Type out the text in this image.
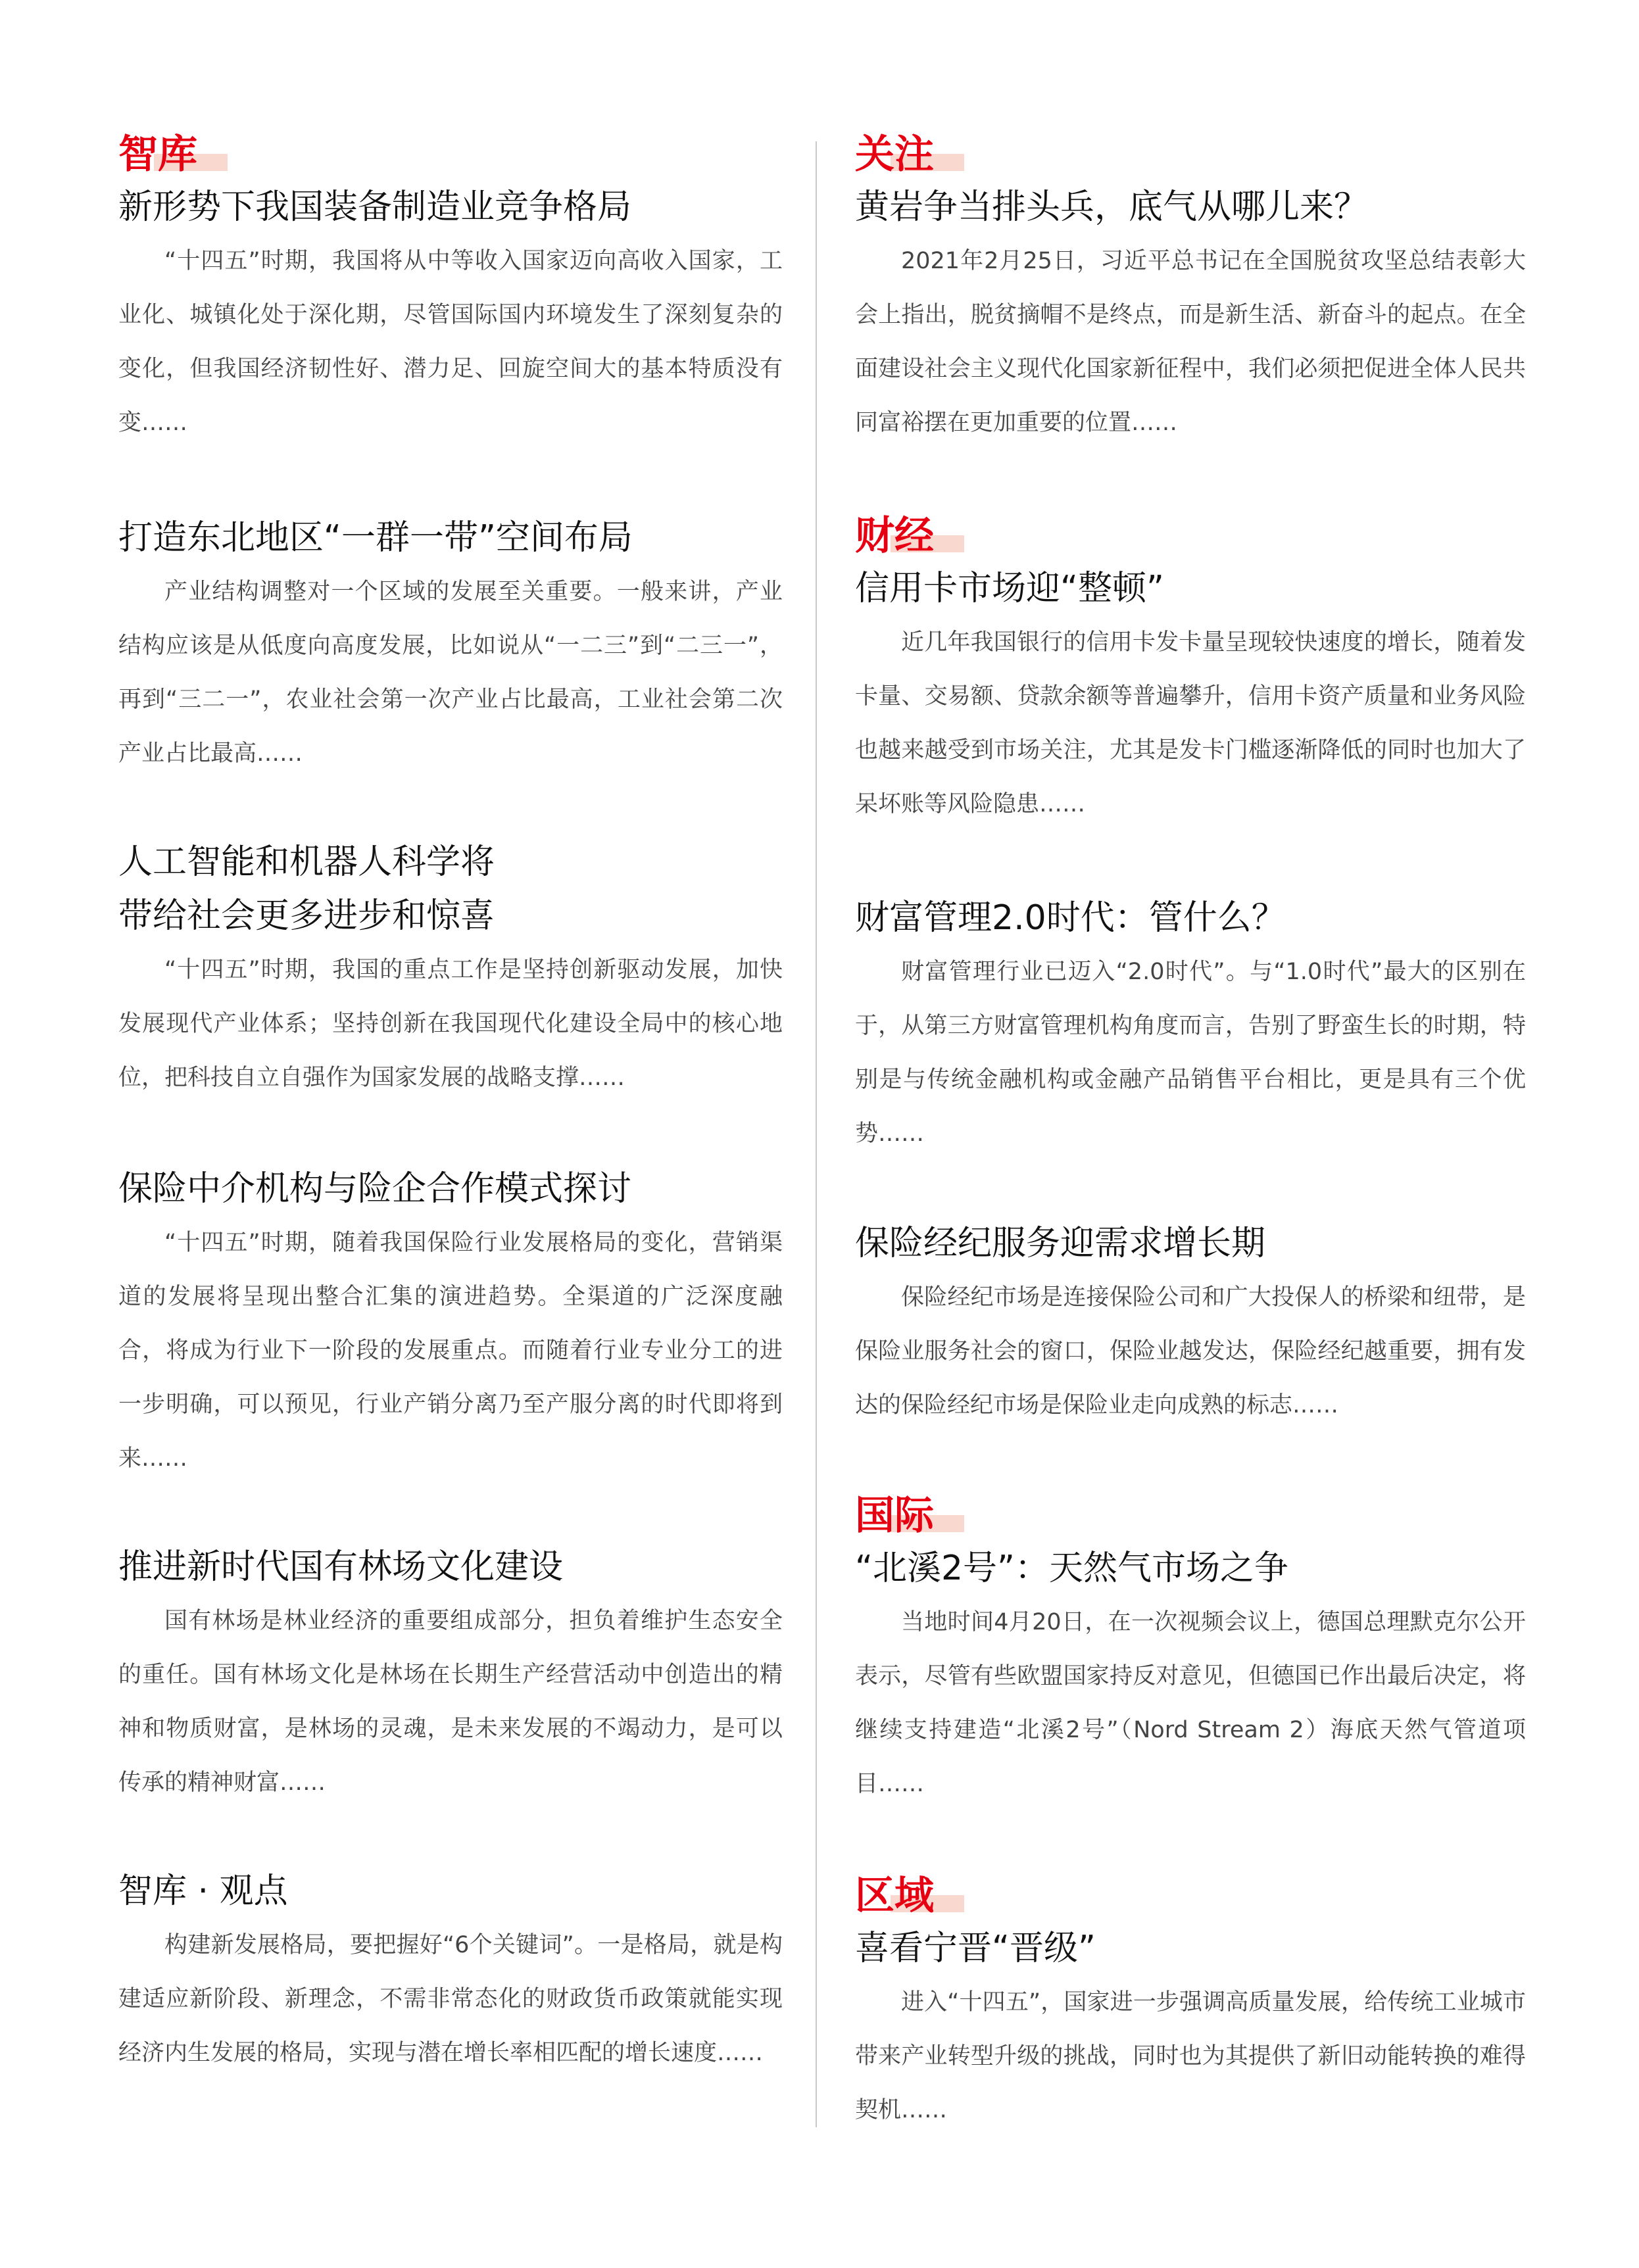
智库
新形势下我国装备制造业竞争格局

“十四五”时期，我国将从中等收入国家迈向高收入国家，工业化、城镇化处于深化期，尽管国际国内环境发生了深刻复杂的变化，但我国经济韧性好、潜力足、回旋空间大的基本特质没有变……

打造东北地区“一群一带”空间布局

产业结构调整对一个区域的发展至关重要。一般来讲，产业结构应该是从低度向高度发展，比如说从“一二三”到“二三一”，再到“三二一”，农业社会第一次产业占比最高，工业社会第二次产业占比最高……

人工智能和机器人科学将
带给社会更多进步和惊喜

“十四五”时期，我国的重点工作是坚持创新驱动发展，加快发展现代产业体系；坚持创新在我国现代化建设全局中的核心地位，把科技自立自强作为国家发展的战略支撑……

保险中介机构与险企合作模式探讨

“十四五”时期，随着我国保险行业发展格局的变化，营销渠道的发展将呈现出整合汇集的演进趋势。全渠道的广泛深度融合，将成为行业下一阶段的发展重点。而随着行业专业分工的进一步明确，可以预见，行业产销分离乃至产服分离的时代即将到来……

推进新时代国有林场文化建设

国有林场是林业经济的重要组成部分，担负着维护生态安全的重任。国有林场文化是林场在长期生产经营活动中创造出的精神和物质财富，是林场的灵魂，是未来发展的不竭动力，是可以传承的精神财富……

智库 · 观点

构建新发展格局，要把握好“6个关键词”。一是格局，就是构建适应新阶段、新理念，不需非常态化的财政货币政策就能实现经济内生发展的格局，实现与潜在增长率相匹配的增长速度……

关注
黄岩争当排头兵，底气从哪儿来？

2021年2月25日，习近平总书记在全国脱贫攻坚总结表彰大会上指出，脱贫摘帽不是终点，而是新生活、新奋斗的起点。在全面建设社会主义现代化国家新征程中，我们必须把促进全体人民共同富裕摆在更加重要的位置……

财经
信用卡市场迎“整顿”

近几年我国银行的信用卡发卡量呈现较快速度的增长，随着发卡量、交易额、贷款余额等普遍攀升，信用卡资产质量和业务风险也越来越受到市场关注，尤其是发卡门槛逐渐降低的同时也加大了呆坏账等风险隐患……

财富管理2.0时代：管什么？

财富管理行业已迈入“2.0时代”。与“1.0时代”最大的区别在于，从第三方财富管理机构角度而言，告别了野蛮生长的时期，特别是与传统金融机构或金融产品销售平台相比，更是具有三个优势……

保险经纪服务迎需求增长期

保险经纪市场是连接保险公司和广大投保人的桥梁和纽带，是保险业服务社会的窗口，保险业越发达，保险经纪越重要，拥有发达的保险经纪市场是保险业走向成熟的标志……

国际
“北溪2号”：天然气市场之争

当地时间4月20日，在一次视频会议上，德国总理默克尔公开表示，尽管有些欧盟国家持反对意见，但德国已作出最后决定，将继续支持建造“北溪2号”（Nord Stream 2）海底天然气管道项目……

区域
喜看宁晋“晋级”

进入“十四五”，国家进一步强调高质量发展，给传统工业城市带来产业转型升级的挑战，同时也为其提供了新旧动能转换的难得契机……
